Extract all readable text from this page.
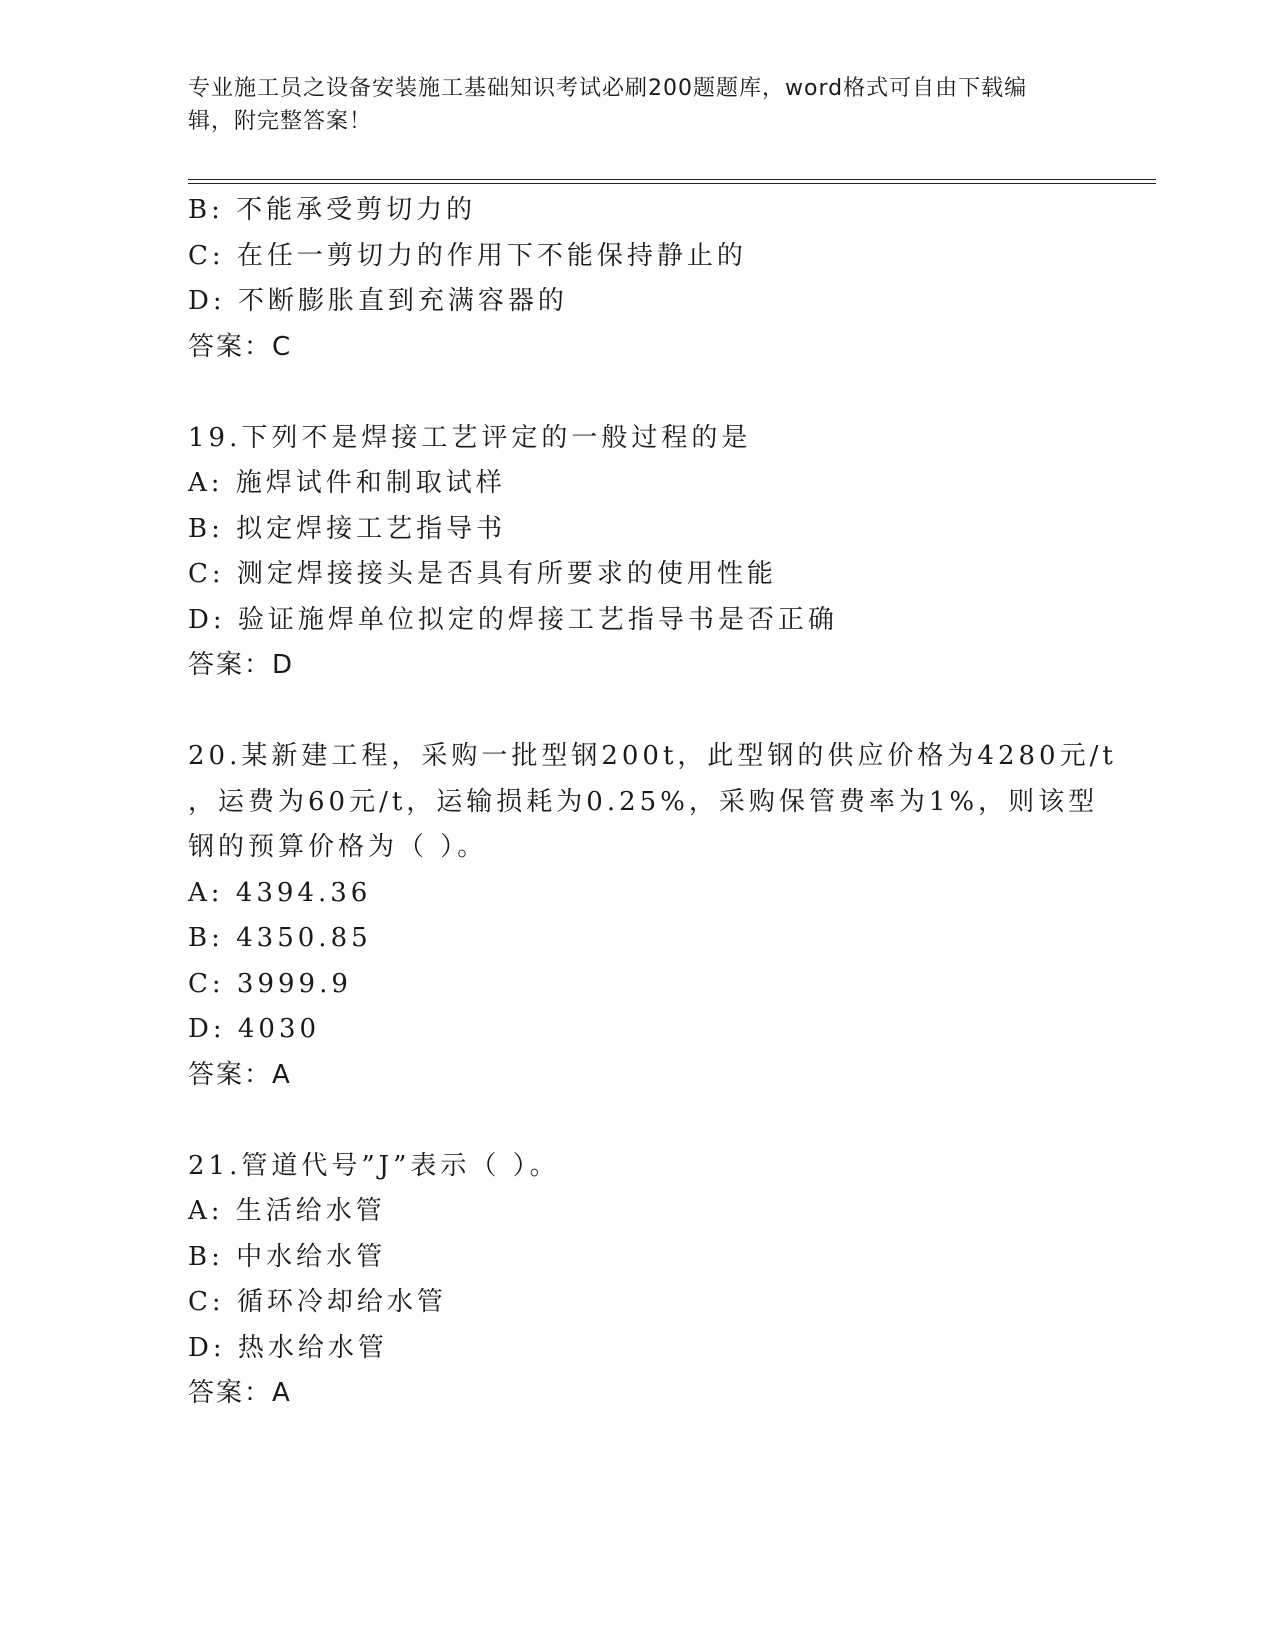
专业施工员之设备安装施工基础知识考试必刷200题题库，word格式可自由下载编辑，附完整答案！
B: 不能承受剪切力的
C: 在任一剪切力的作用下不能保持静止的
D: 不断膨胀直到充满容器的
答案：C
19.下列不是焊接工艺评定的一般过程的是
A: 施焊试件和制取试样
B: 拟定焊接工艺指导书
C: 测定焊接接头是否具有所要求的使用性能
D: 验证施焊单位拟定的焊接工艺指导书是否正确
答案：D
20.某新建工程，采购一批型钢200t，此型钢的供应价格为4280元/t
，运费为60元/t，运输损耗为0.25%，采购保管费率为1%，则该型
钢的预算价格为（ ）。
A: 4394.36
B: 4350.85
C: 3999.9
D: 4030
答案：A
21.管道代号”J”表示（ ）。
A: 生活给水管
B: 中水给水管
C: 循环冷却给水管
D: 热水给水管
答案：A
